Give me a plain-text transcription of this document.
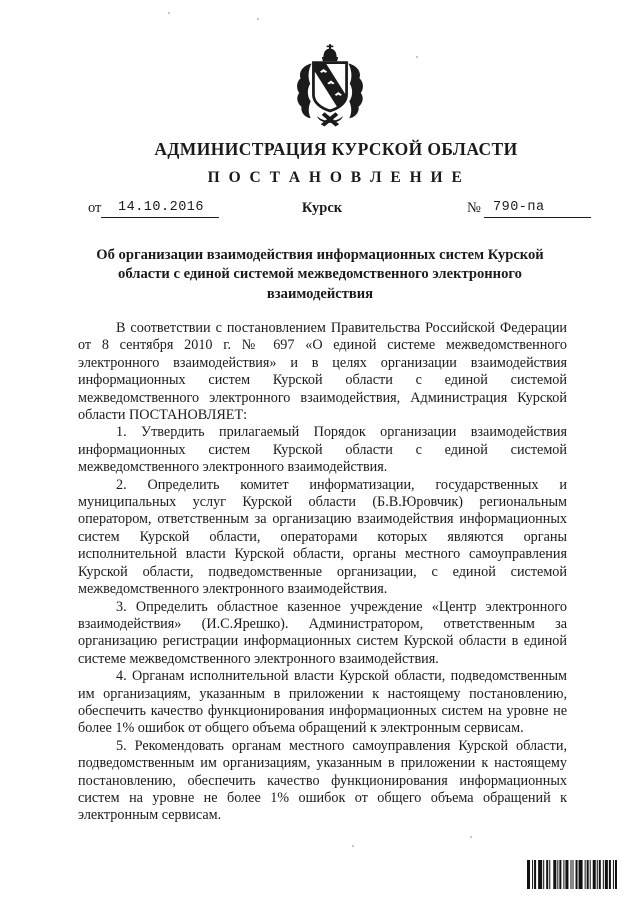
АДМИНИСТРАЦИЯ КУРСКОЙ ОБЛАСТИ
П О С Т А Н О В Л Е Н И Е
от	14.10.2016	Курск	№ 790-па
Об организации взаимодействия информационных систем Курской области с единой системой межведомственного электронного взаимодействия

В соответствии с постановлением Правительства Российской Федерации от 8 сентября 2010 г. № 697 «О единой системе межведомственного электронного взаимодействия» и в целях организации взаимодействия информационных систем Курской области с единой системой межведомственного электронного взаимодействия, Администрация Курской области ПОСТАНОВЛЯЕТ:

1. Утвердить прилагаемый Порядок организации взаимодействия информационных систем Курской области с единой системой межведомственного электронного взаимодействия.

2. Определить комитет информатизации, государственных и муниципальных услуг Курской области (Б.В.Юровчик) региональным оператором, ответственным за организацию взаимодействия информационных систем Курской области, операторами которых являются органы исполнительной власти Курской области, органы местного самоуправления Курской области, подведомственные организации, с единой системой межведомственного электронного взаимодействия.

3. Определить областное казенное учреждение «Центр электронного взаимодействия» (И.С.Ярешко). Администратором, ответственным за организацию регистрации информационных систем Курской области в единой системе межведомственного электронного взаимодействия.

4. Органам исполнительной власти Курской области, подведомственным им организациям, указанным в приложении к настоящему постановлению, обеспечить качество функционирования информационных систем на уровне не более 1% ошибок от общего объема обращений к электронным сервисам.

5. Рекомендовать органам местного самоуправления Курской области, подведомственным им организациям, указанным в приложении к настоящему постановлению, обеспечить качество функционирования информационных систем на уровне не более 1% ошибок от общего объема обращений к электронным сервисам.
